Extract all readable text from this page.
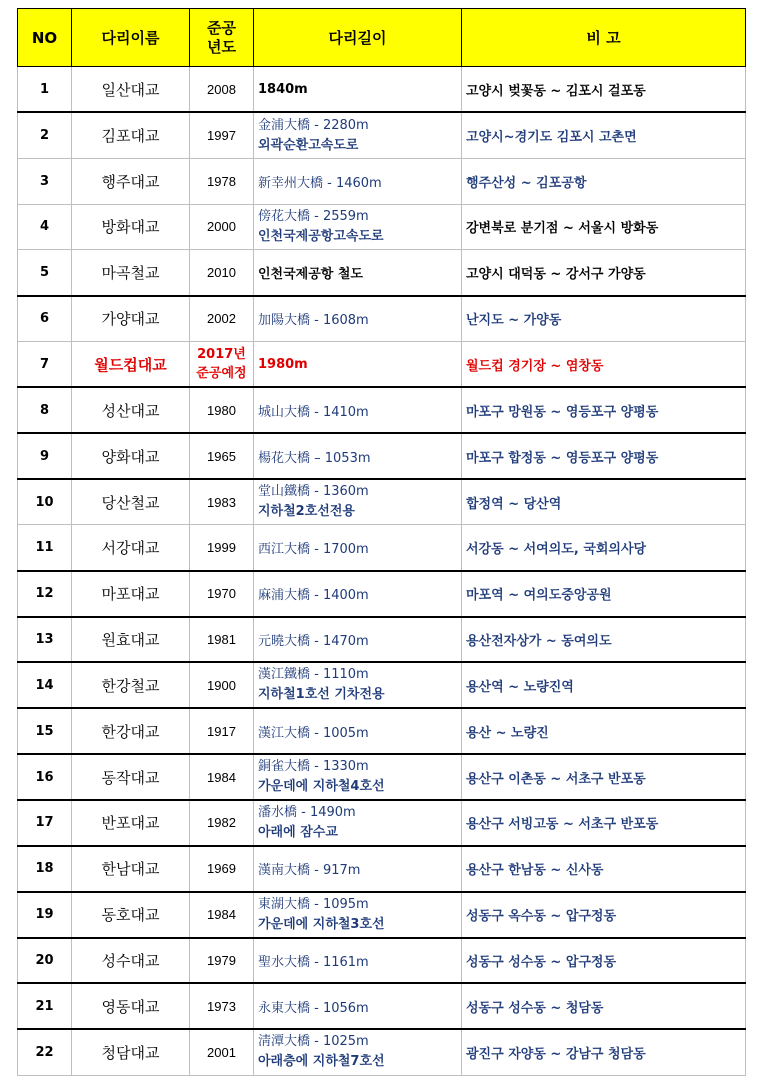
NO	다리이름	준공
년도	다리길이	비 고
1	일산대교	2008	1840m	고양시 벚꽃동 ~ 김포시 걸포동
2	김포대교	1997	金浦大橋 - 2280m
외곽순환고속도로	고양시~경기도 김포시 고촌면
3	행주대교	1978	新幸州大橋 - 1460m	행주산성 ~ 김포공항
4	방화대교	2000	傍花大橋 - 2559m
인천국제공항고속도로	강변북로 분기점 ~ 서울시 방화동
5	마곡철교	2010	인천국제공항 철도	고양시 대덕동 ~ 강서구 가양동
6	가양대교	2002	加陽大橋 - 1608m	난지도 ~ 가양동
7	월드컵대교	2017년
준공예정	1980m	월드컵 경기장 ~ 염창동
8	성산대교	1980	城山大橋 - 1410m	마포구 망원동 ~ 영등포구 양평동
9	양화대교	1965	楊花大橋 – 1053m	마포구 합정동 ~ 영등포구 양평동
10	당산철교	1983	堂山鐵橋 - 1360m
지하철2호선전용	합정역 ~ 당산역
11	서강대교	1999	西江大橋 - 1700m	서강동 ~ 서여의도, 국회의사당
12	마포대교	1970	麻浦大橋 - 1400m	마포역 ~ 여의도중앙공원
13	원효대교	1981	元曉大橋 - 1470m	용산전자상가 ~ 동여의도
14	한강철교	1900	漢江鐵橋 - 1110m
지하철1호선 기차전용	용산역 ~ 노량진역
15	한강대교	1917	漢江大橋 - 1005m	용산 ~ 노량진
16	동작대교	1984	銅雀大橋 - 1330m
가운데에 지하철4호선	용산구 이촌동 ~ 서초구 반포동
17	반포대교	1982	潘水橋 - 1490m
아래에 잠수교	용산구 서빙고동 ~ 서초구 반포동
18	한남대교	1969	漢南大橋 - 917m	용산구 한남동 ~ 신사동
19	동호대교	1984	東湖大橋 - 1095m
가운데에 지하철3호선	성동구 옥수동 ~ 압구정동
20	성수대교	1979	聖水大橋 - 1161m	성동구 성수동 ~ 압구정동
21	영동대교	1973	永東大橋 - 1056m	성동구 성수동 ~ 청담동
22	청담대교	2001	淸潭大橋 - 1025m
아래층에 지하철7호선	광진구 자양동 ~ 강남구 청담동
